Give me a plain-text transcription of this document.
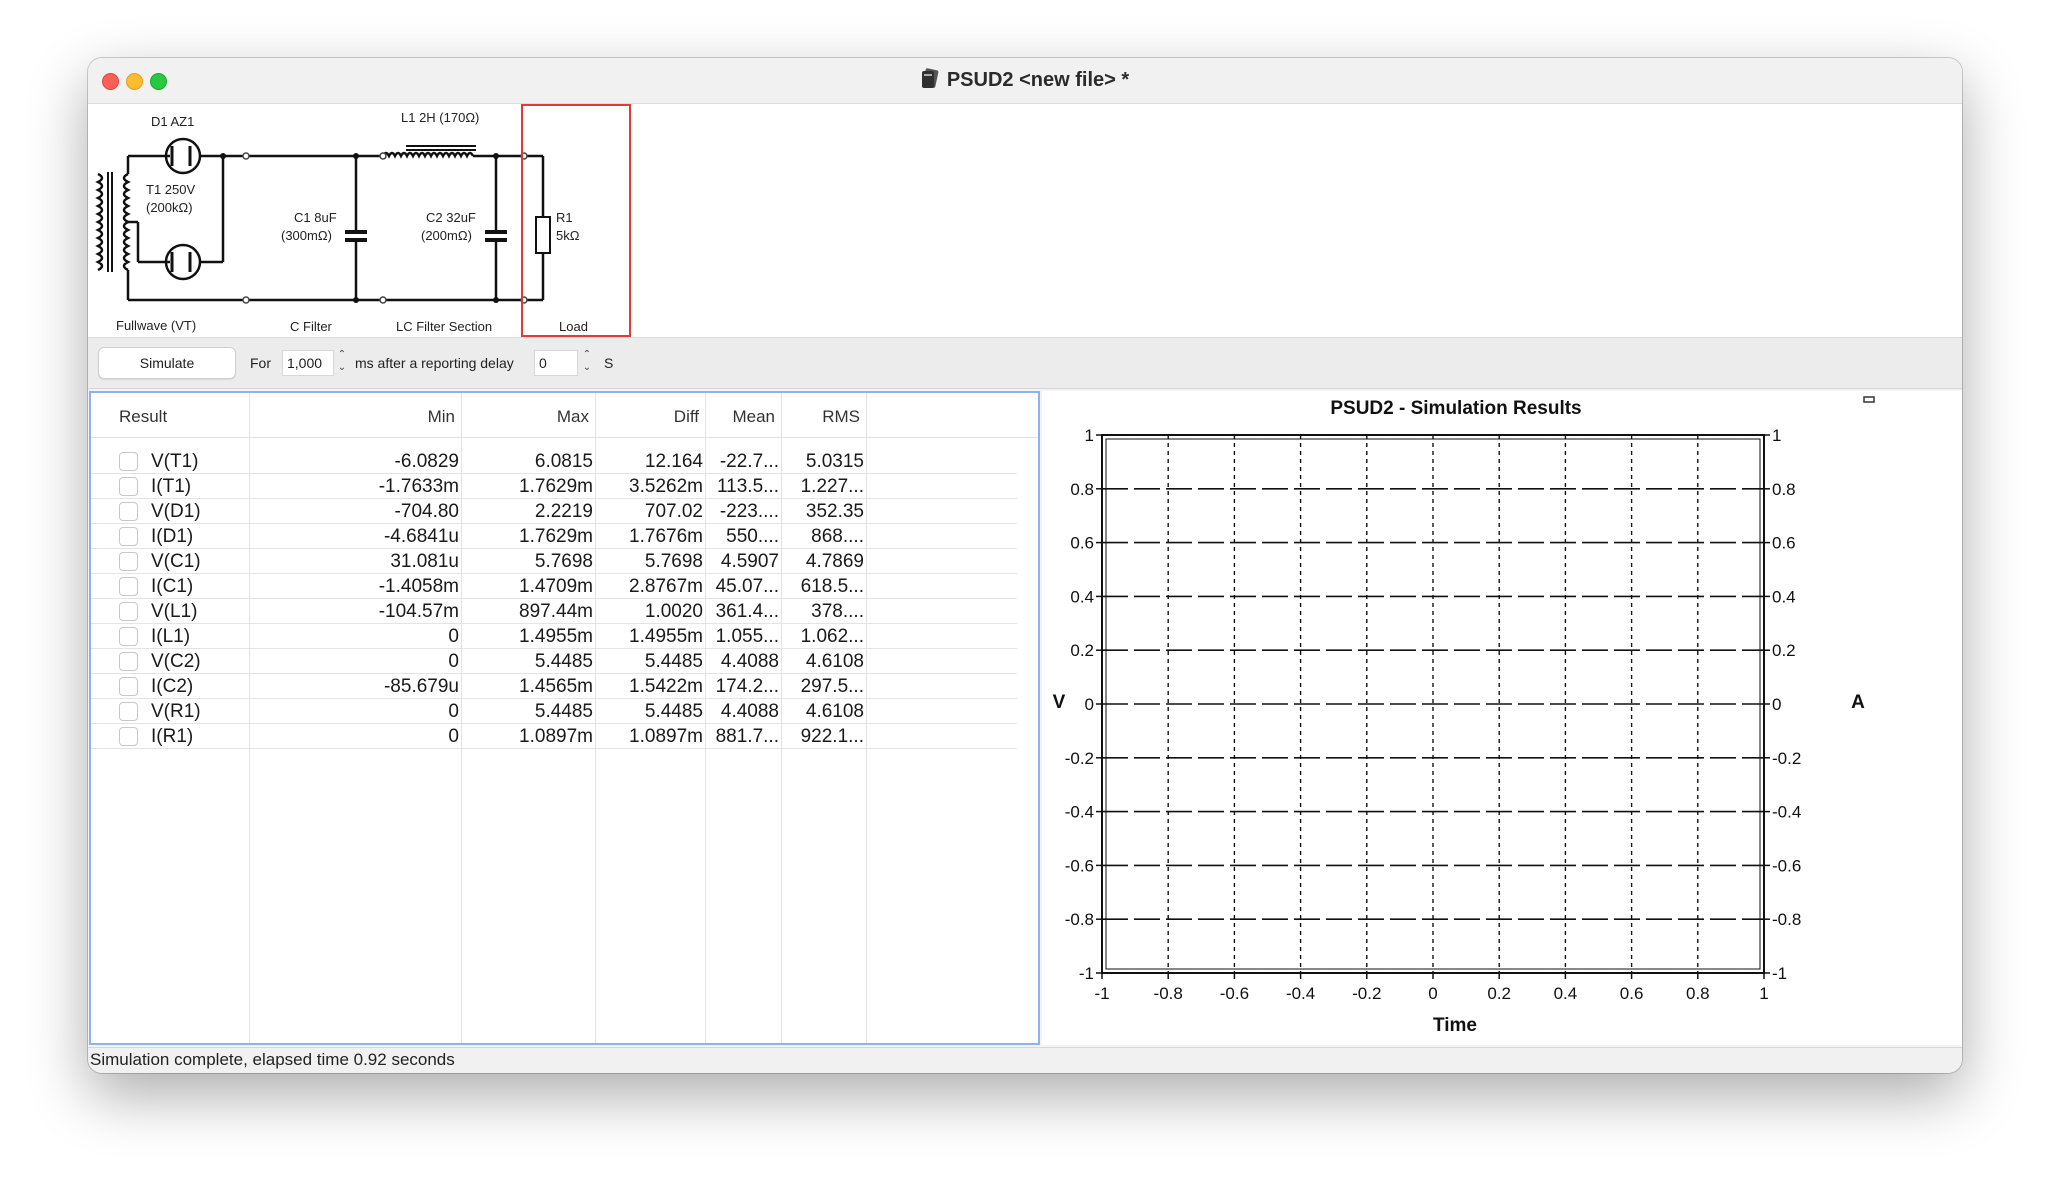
PSUD2 <new file> *
D1 AZ1	L1 2H (170Ω)
T1 250V
(200kΩ)
C1 8uF
(300mΩ)
C2 32uF
(200mΩ)
R1
5kΩ
Fullwave (VT)	C Filter	LC Filter Section	Load
Simulate	For	1,000
⌃
⌄ ms after a reporting delay	0
⌃
⌄ S
Result	Min	Max	Diff Mean	RMS
V(T1)	-6.0829	6.0815	12.164 -22.7... 5.0315
I(T1)	-1.7633m	1.7629m 3.5262m 113.5... 1.227...
V(D1)	-704.80	2.2219	707.02 -223.... 352.35
I(D1)	-4.6841u	1.7629m 1.7676m 550.... 868....
V(C1)	31.081u	5.7698	5.7698 4.5907 4.7869
I(C1)	-1.4058m	1.4709m 2.8767m 45.07... 618.5...
V(L1)	-104.57m	897.44m	1.0020 361.4... 378....
I(L1)	0	1.4955m 1.4955m 1.055... 1.062...
V(C2)	0	5.4485	5.4485 4.4088 4.6108
I(C2)	-85.679u	1.4565m 1.5422m 174.2... 297.5...
V(R1)	0	5.4485	5.4485 4.4088 4.6108
I(R1)	0	1.0897m 1.0897m 881.7... 922.1...
PSUD2 - Simulation Results
V	A
Time
-1	-0.8 -0.6 -0.4 -0.2	0	0.2	0.4	0.6	0.8	1
1	1
0.8	0.8
0.6	0.6
0.4	0.4
0.2	0.2
0	0
-0.2	-0.2
-0.4	-0.4
-0.6	-0.6
-0.8	-0.8
-1	-1
Simulation complete, elapsed time 0.92 seconds
